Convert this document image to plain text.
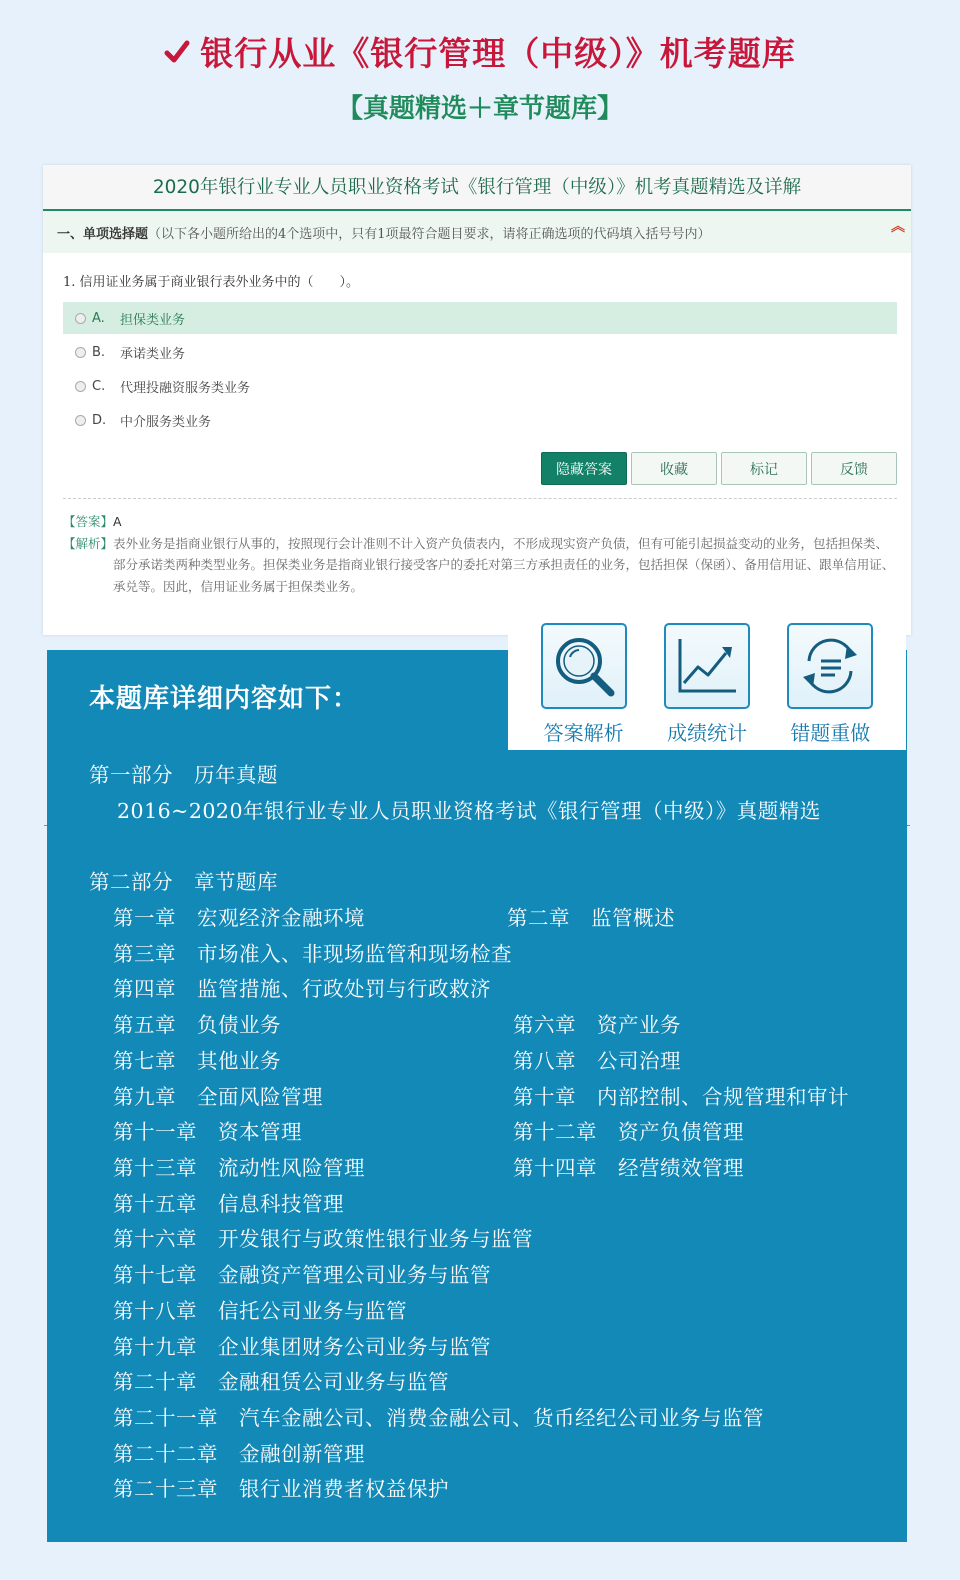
银行从业《银行管理（中级）》机考题库
【真题精选＋章节题库】
2020年银行业专业人员职业资格考试《银行管理（中级）》机考真题精选及详解
一、单项选择题 （以下各小题所给出的4个选项中，只有1项最符合题目要求，请将正确选项的代码填入括号号内）	︽
1. 信用证业务属于商业银行表外业务中的（　　）。
A.	担保类业务
B.	承诺类业务
C.	代理投融资服务类业务
D.	中介服务类业务
隐藏答案	收藏	标记	反馈
【答案】A
【解析】 表外业务是指商业银行从事的，按照现行会计准则不计入资产负债表内，不形成现实资产负债，但有可能引起损益变动的业务，包括担保类、部分承诺类两种类型业务。担保类业务是指商业银行接受客户的委托对第三方承担责任的业务，包括担保（保函）、备用信用证、跟单信用证、承兑等。因此，信用证业务属于担保类业务。
本题库详细内容如下：
第一部分　历年真题
2016~2020年银行业专业人员职业资格考试《银行管理（中级）》真题精选
第二部分　章节题库
第一章　宏观经济金融环境	第二章　监管概述
第三章　市场准入、非现场监管和现场检查
第四章　监管措施、行政处罚与行政救济
第五章　负债业务	第六章　资产业务
第七章　其他业务	第八章　公司治理
第九章　全面风险管理	第十章　内部控制、合规管理和审计
第十一章　资本管理	第十二章　资产负债管理
第十三章　流动性风险管理	第十四章　经营绩效管理
第十五章　信息科技管理
第十六章　开发银行与政策性银行业务与监管
第十七章　金融资产管理公司业务与监管
第十八章　信托公司业务与监管
第十九章　企业集团财务公司业务与监管
第二十章　金融租赁公司业务与监管
第二十一章　汽车金融公司、消费金融公司、货币经纪公司业务与监管
第二十二章　金融创新管理
第二十三章　银行业消费者权益保护
答案解析 成绩统计 错题重做
